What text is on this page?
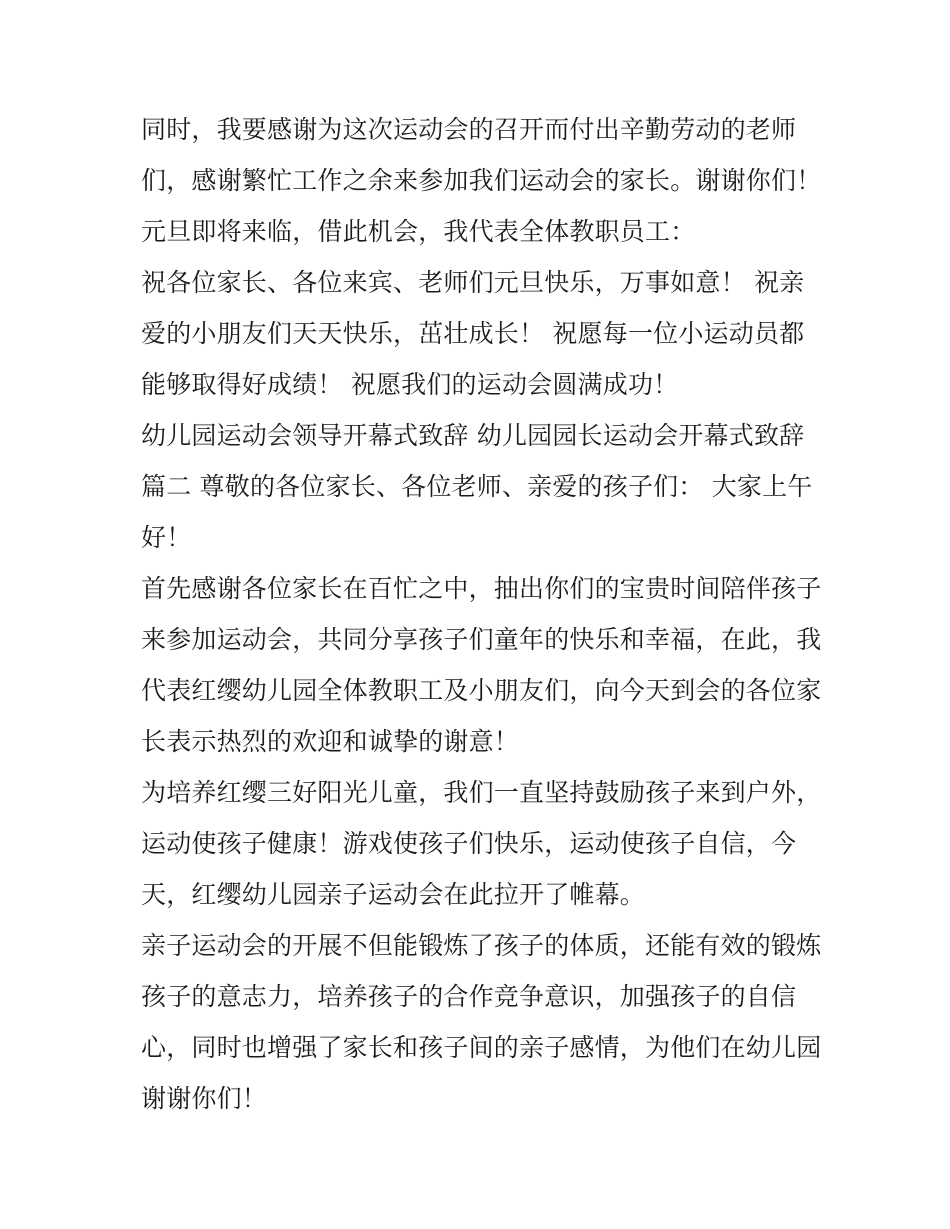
同时，我要感谢为这次运动会的召开而付出辛勤劳动的老师
们，感谢繁忙工作之余来参加我们运动会的家长。谢谢你们！
元旦即将来临，借此机会，我代表全体教职员工：
祝各位家长、各位来宾、老师们元旦快乐，万事如意！ 祝亲
爱的小朋友们天天快乐，茁壮成长！ 祝愿每一位小运动员都
能够取得好成绩！ 祝愿我们的运动会圆满成功！
幼儿园运动会领导开幕式致辞 幼儿园园长运动会开幕式致辞
篇二 尊敬的各位家长、各位老师、亲爱的孩子们： 大家上午
好！
首先感谢各位家长在百忙之中，抽出你们的宝贵时间陪伴孩子
来参加运动会，共同分享孩子们童年的快乐和幸福，在此，我
代表红缨幼儿园全体教职工及小朋友们，向今天到会的各位家
长表示热烈的欢迎和诚挚的谢意！
为培养红缨三好阳光儿童，我们一直坚持鼓励孩子来到户外，
运动使孩子健康！游戏使孩子们快乐，运动使孩子自信，今
天，红缨幼儿园亲子运动会在此拉开了帷幕。
亲子运动会的开展不但能锻炼了孩子的体质，还能有效的锻炼
孩子的意志力，培养孩子的合作竞争意识，加强孩子的自信
心，同时也增强了家长和孩子间的亲子感情，为他们在幼儿园
谢谢你们！
